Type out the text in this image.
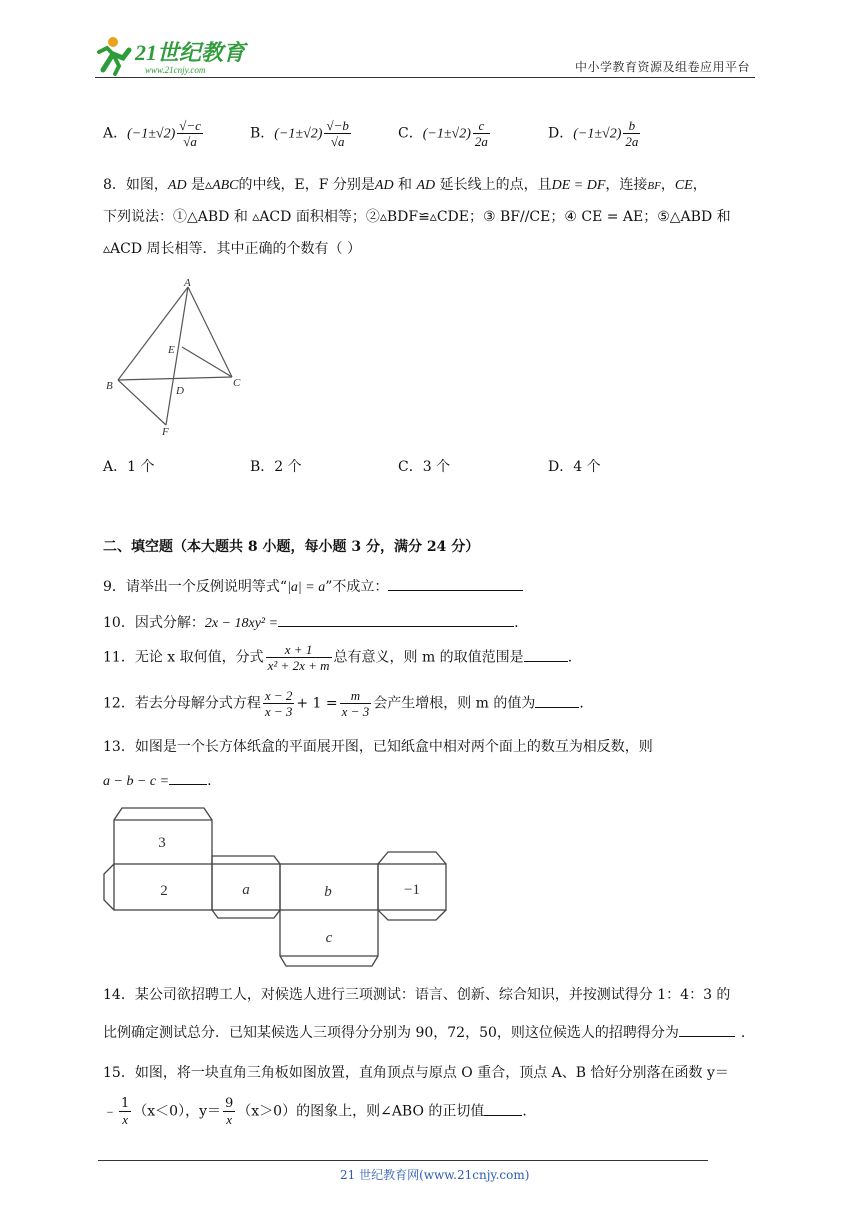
21世纪教育
www.21cnjy.com	中小学教育资源及组卷应用平台
A．$(-1\pm√2) \frac{√-c}{√a}$	B．$(-1\pm√2) \frac{√-b}{√a}$	C．$(-1\pm√2) \frac{c}{2a}$	D．$(-1\pm√2) \frac{b}{2a}$
8．如图，AD 是▵ABC的中线，E，F 分别是AD 和 AD 延长线上的点，且DE = DF，连接BF，CE，
下列说法：①△ABD 和 ▵ACD 面积相等；②▵BDF≌▵CDE；③ BF//CE；④ CE = AE；⑤△ABD 和
▵ACD 周长相等．其中正确的个数有（ ）
A
E
B	D
C
F
A．1 个	B．2 个	C．3 个	D．4 个
二、填空题（本大题共 8 小题，每小题 3 分，满分 24 分）
9．请举出一个反例说明等式“|a| = a”不成立：
10．因式分解：2x − 18xy² =	.
11．无论 x 取何值，分式 $\frac{x + 1}{\text{x² + 2x + m}}$ 总有意义，则 m 的取值范围是	.
12．若去分母解分式方程 $\frac{x - 2}{x - 3} + 1 = \frac{m}{x - 3}$ 会产生增根，则 m 的值为	.
13．如图是一个长方体纸盒的平面展开图，已知纸盒中相对两个面上的数互为相反数，则
a − b − c =	.
3
2	a	b	−1
c
14．某公司欲招聘工人，对候选人进行三项测试：语言、创新、综合知识，并按测试得分 1：4：3 的
比例确定测试总分．已知某候选人三项得分分别为 90，72，50，则这位候选人的招聘得分为	.
15．如图，将一块直角三角板如图放置，直角顶点与原点 O 重合，顶点 A、B 恰好分别落在函数 y＝
﹣ $\frac{1}{x} (x<0)$，$y= \frac{9}{x} (x>0)$的图象上，则∠ABO 的正切值	.
21 世纪教育网(www.21cnjy.com)
